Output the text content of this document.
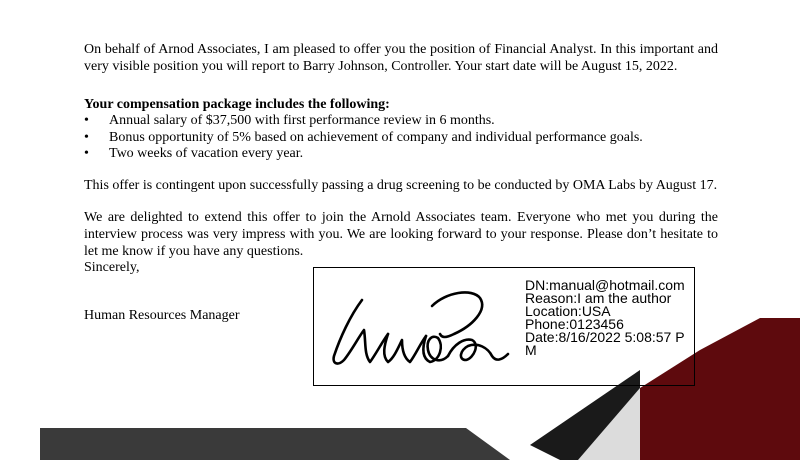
On behalf of Arnod Associates, I am pleased to offer you the position of Financial Analyst. In this important and very visible position you will report to Barry Johnson, Controller. Your start date will be August 15, 2022.
Your compensation package includes the following:
• Annual salary of $37,500 with first performance review in 6 months.
• Bonus opportunity of 5% based on achievement of company and individual performance goals.
• Two weeks of vacation every year.
This offer is contingent upon successfully passing a drug screening to be conducted by OMA Labs by August 17.
We are delighted to extend this offer to join the Arnold Associates team. Everyone who met you during the interview process was very impress with you. We are looking forward to your response. Please don’t hesitate to let me know if you have any questions.
Sincerely,
Human Resources Manager
DN:manual@hotmail.com
Reason:I am the author
Location:USA
Phone:0123456
Date:8/16/2022 5:08:57 PM
